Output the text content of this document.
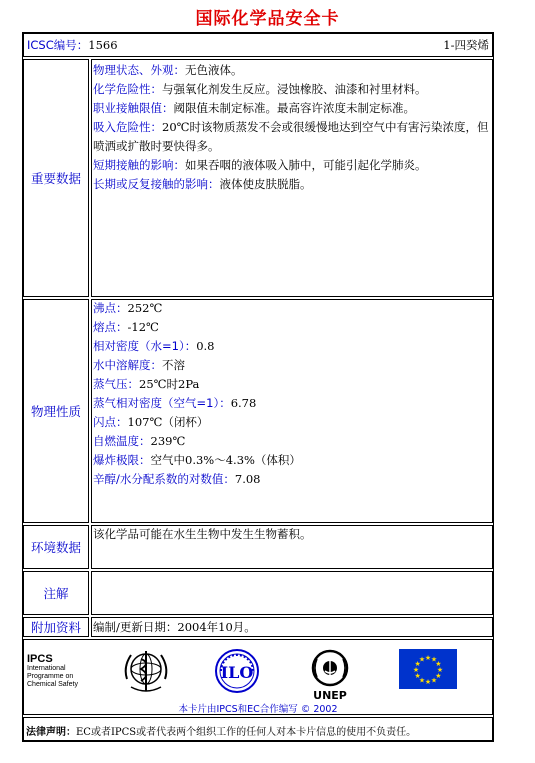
国际化学品安全卡
ICSC编号：1566	1-四癸烯
重要数据
物理状态、外观：无色液体。
化学危险性：与强氧化剂发生反应。浸蚀橡胶、油漆和衬里材料。
职业接触限值：阈限值未制定标准。最高容许浓度未制定标准。
吸入危险性：20℃时该物质蒸发不会或很缓慢地达到空气中有害污染浓度，但喷洒或扩散时要快得多。
短期接触的影响：如果吞咽的液体吸入肺中，可能引起化学肺炎。
长期或反复接触的影响：液体使皮肤脱脂。
物理性质
沸点：252℃
熔点：-12℃
相对密度（水=1）：0.8
水中溶解度：不溶
蒸气压：25℃时2Pa
蒸气相对密度（空气=1）：6.78
闪点：107℃（闭杯）
自燃温度：239℃
爆炸极限：空气中0.3%～4.3%（体积）
辛醇/水分配系数的对数值：7.08
环境数据
该化学品可能在水生生物中发生生物蓄积。
注解
附加资料	编制/更新日期：2004年10月。
IPCS
International
Programme on
Chemical Safety
ILO
UNEP
★ ★
★
★
★
★
★
★
★
★
★
★
本卡片由IPCS和EC合作编写 © 2002
法律声明：EC或者IPCS或者代表两个组织工作的任何人对本卡片信息的使用不负责任。
